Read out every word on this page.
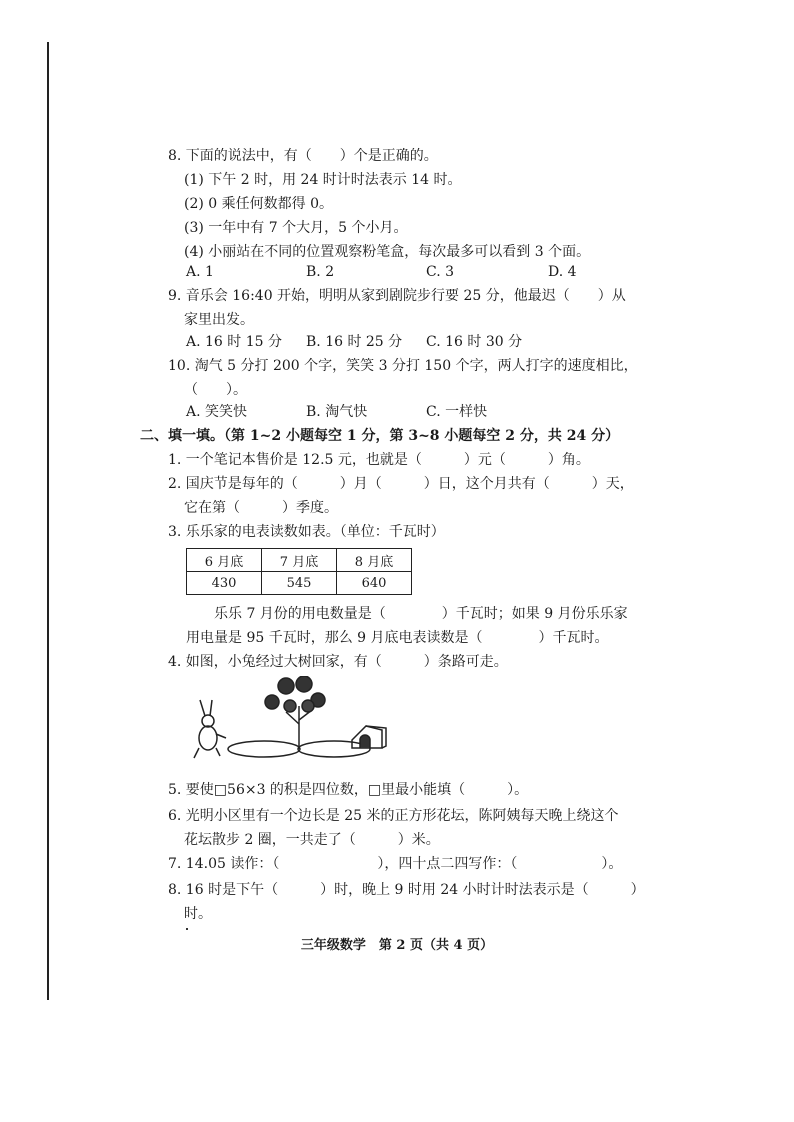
8. 下面的说法中，有（　　）个是正确的。
(1) 下午 2 时，用 24 时计时法表示 14 时。
(2) 0 乘任何数都得 0。
(3) 一年中有 7 个大月，5 个小月。
(4) 小丽站在不同的位置观察粉笔盒，每次最多可以看到 3 个面。
A. 1	B. 2	C. 3	D. 4
9. 音乐会 16:40 开始，明明从家到剧院步行要 25 分，他最迟（　　）从
家里出发。
A. 16 时 15 分 B. 16 时 25 分 C. 16 时 30 分
10. 淘气 5 分打 200 个字，笑笑 3 分打 150 个字，两人打字的速度相比，
（　　）。
A. 笑笑快	B. 淘气快	C. 一样快
二、填一填。（第 1~2 小题每空 1 分，第 3~8 小题每空 2 分，共 24 分）
1. 一个笔记本售价是 12.5 元，也就是（　　　）元（　　　）角。
2. 国庆节是每年的（　　　）月（　　　）日，这个月共有（　　　）天，
它在第（　　　）季度。
3. 乐乐家的电表读数如表。（单位：千瓦时）
6 月底	7 月底	8 月底
430	545	640
乐乐 7 月份的用电数量是（　　　　）千瓦时；如果 9 月份乐乐家
用电量是 95 千瓦时，那么 9 月底电表读数是（　　　　）千瓦时。
4. 如图，小兔经过大树回家，有（　　　）条路可走。
5. 要使□56×3 的积是四位数，□里最小能填（　　　）。
6. 光明小区里有一个边长是 25 米的正方形花坛，陈阿姨每天晚上绕这个
花坛散步 2 圈，一共走了（　　　）米。
7. 14.05 读作：（　　　　　　　），四十点二四写作：（　　　　　　）。
8. 16 时是下午（　　　）时，晚上 9 时用 24 小时计时法表示是（　　　）
时。
三年级数学　第 2 页（共 4 页）
